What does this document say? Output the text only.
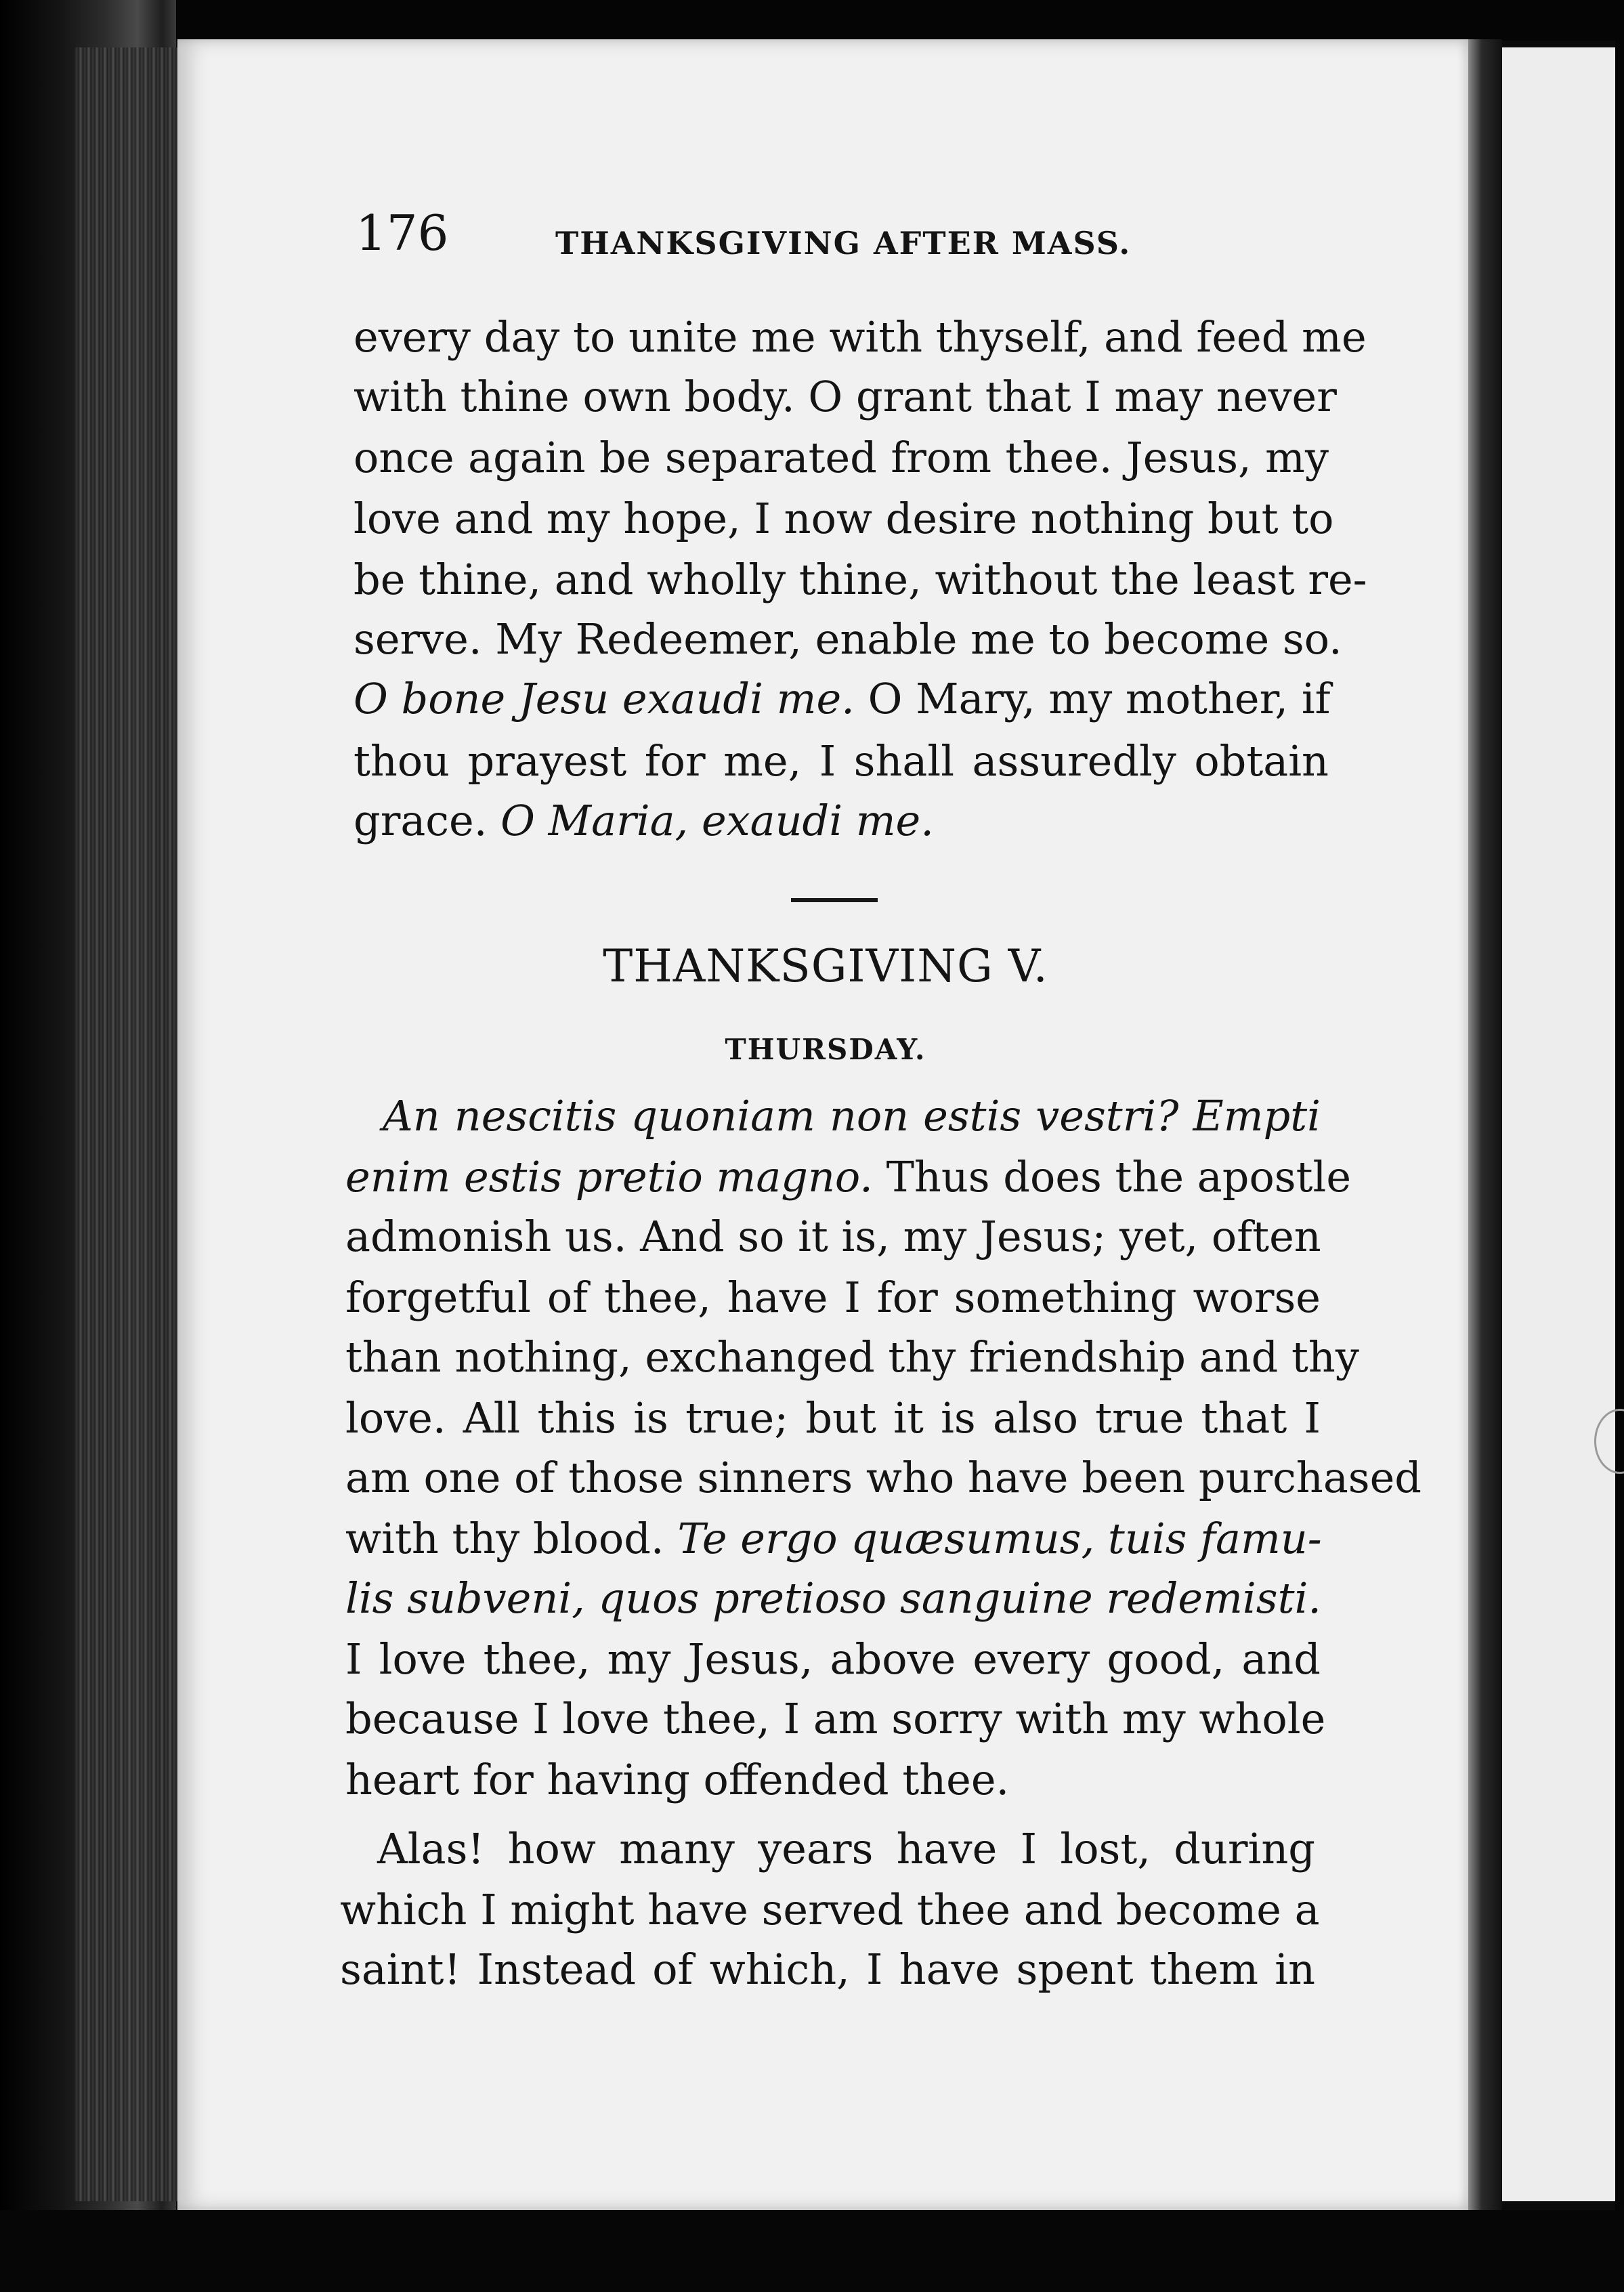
176	THANKSGIVING AFTER MASS.
every day to unite me with thyself, and feed me
with thine own body. O grant that I may never
once again be separated from thee. Jesus, my
love and my hope, I now desire nothing but to
be thine, and wholly thine, without the least re-
serve. My Redeemer, enable me to become so.
O bone Jesu exaudi me. O Mary, my mother, if
thou prayest for me, I shall assuredly obtain
grace. O Maria, exaudi me.
THANKSGIVING V.
THURSDAY.
An nescitis quoniam non estis vestri? Empti
enim estis pretio magno. Thus does the apostle
admonish us. And so it is, my Jesus; yet, often
forgetful of thee, have I for something worse
than nothing, exchanged thy friendship and thy
love. All this is true; but it is also true that I
am one of those sinners who have been purchased
with thy blood. Te ergo quæsumus, tuis famu-
lis subveni, quos pretioso sanguine redemisti.
I love thee, my Jesus, above every good, and
because I love thee, I am sorry with my whole
heart for having offended thee.
Alas! how many years have I lost, during
which I might have served thee and become a
saint! Instead of which, I have spent them in
